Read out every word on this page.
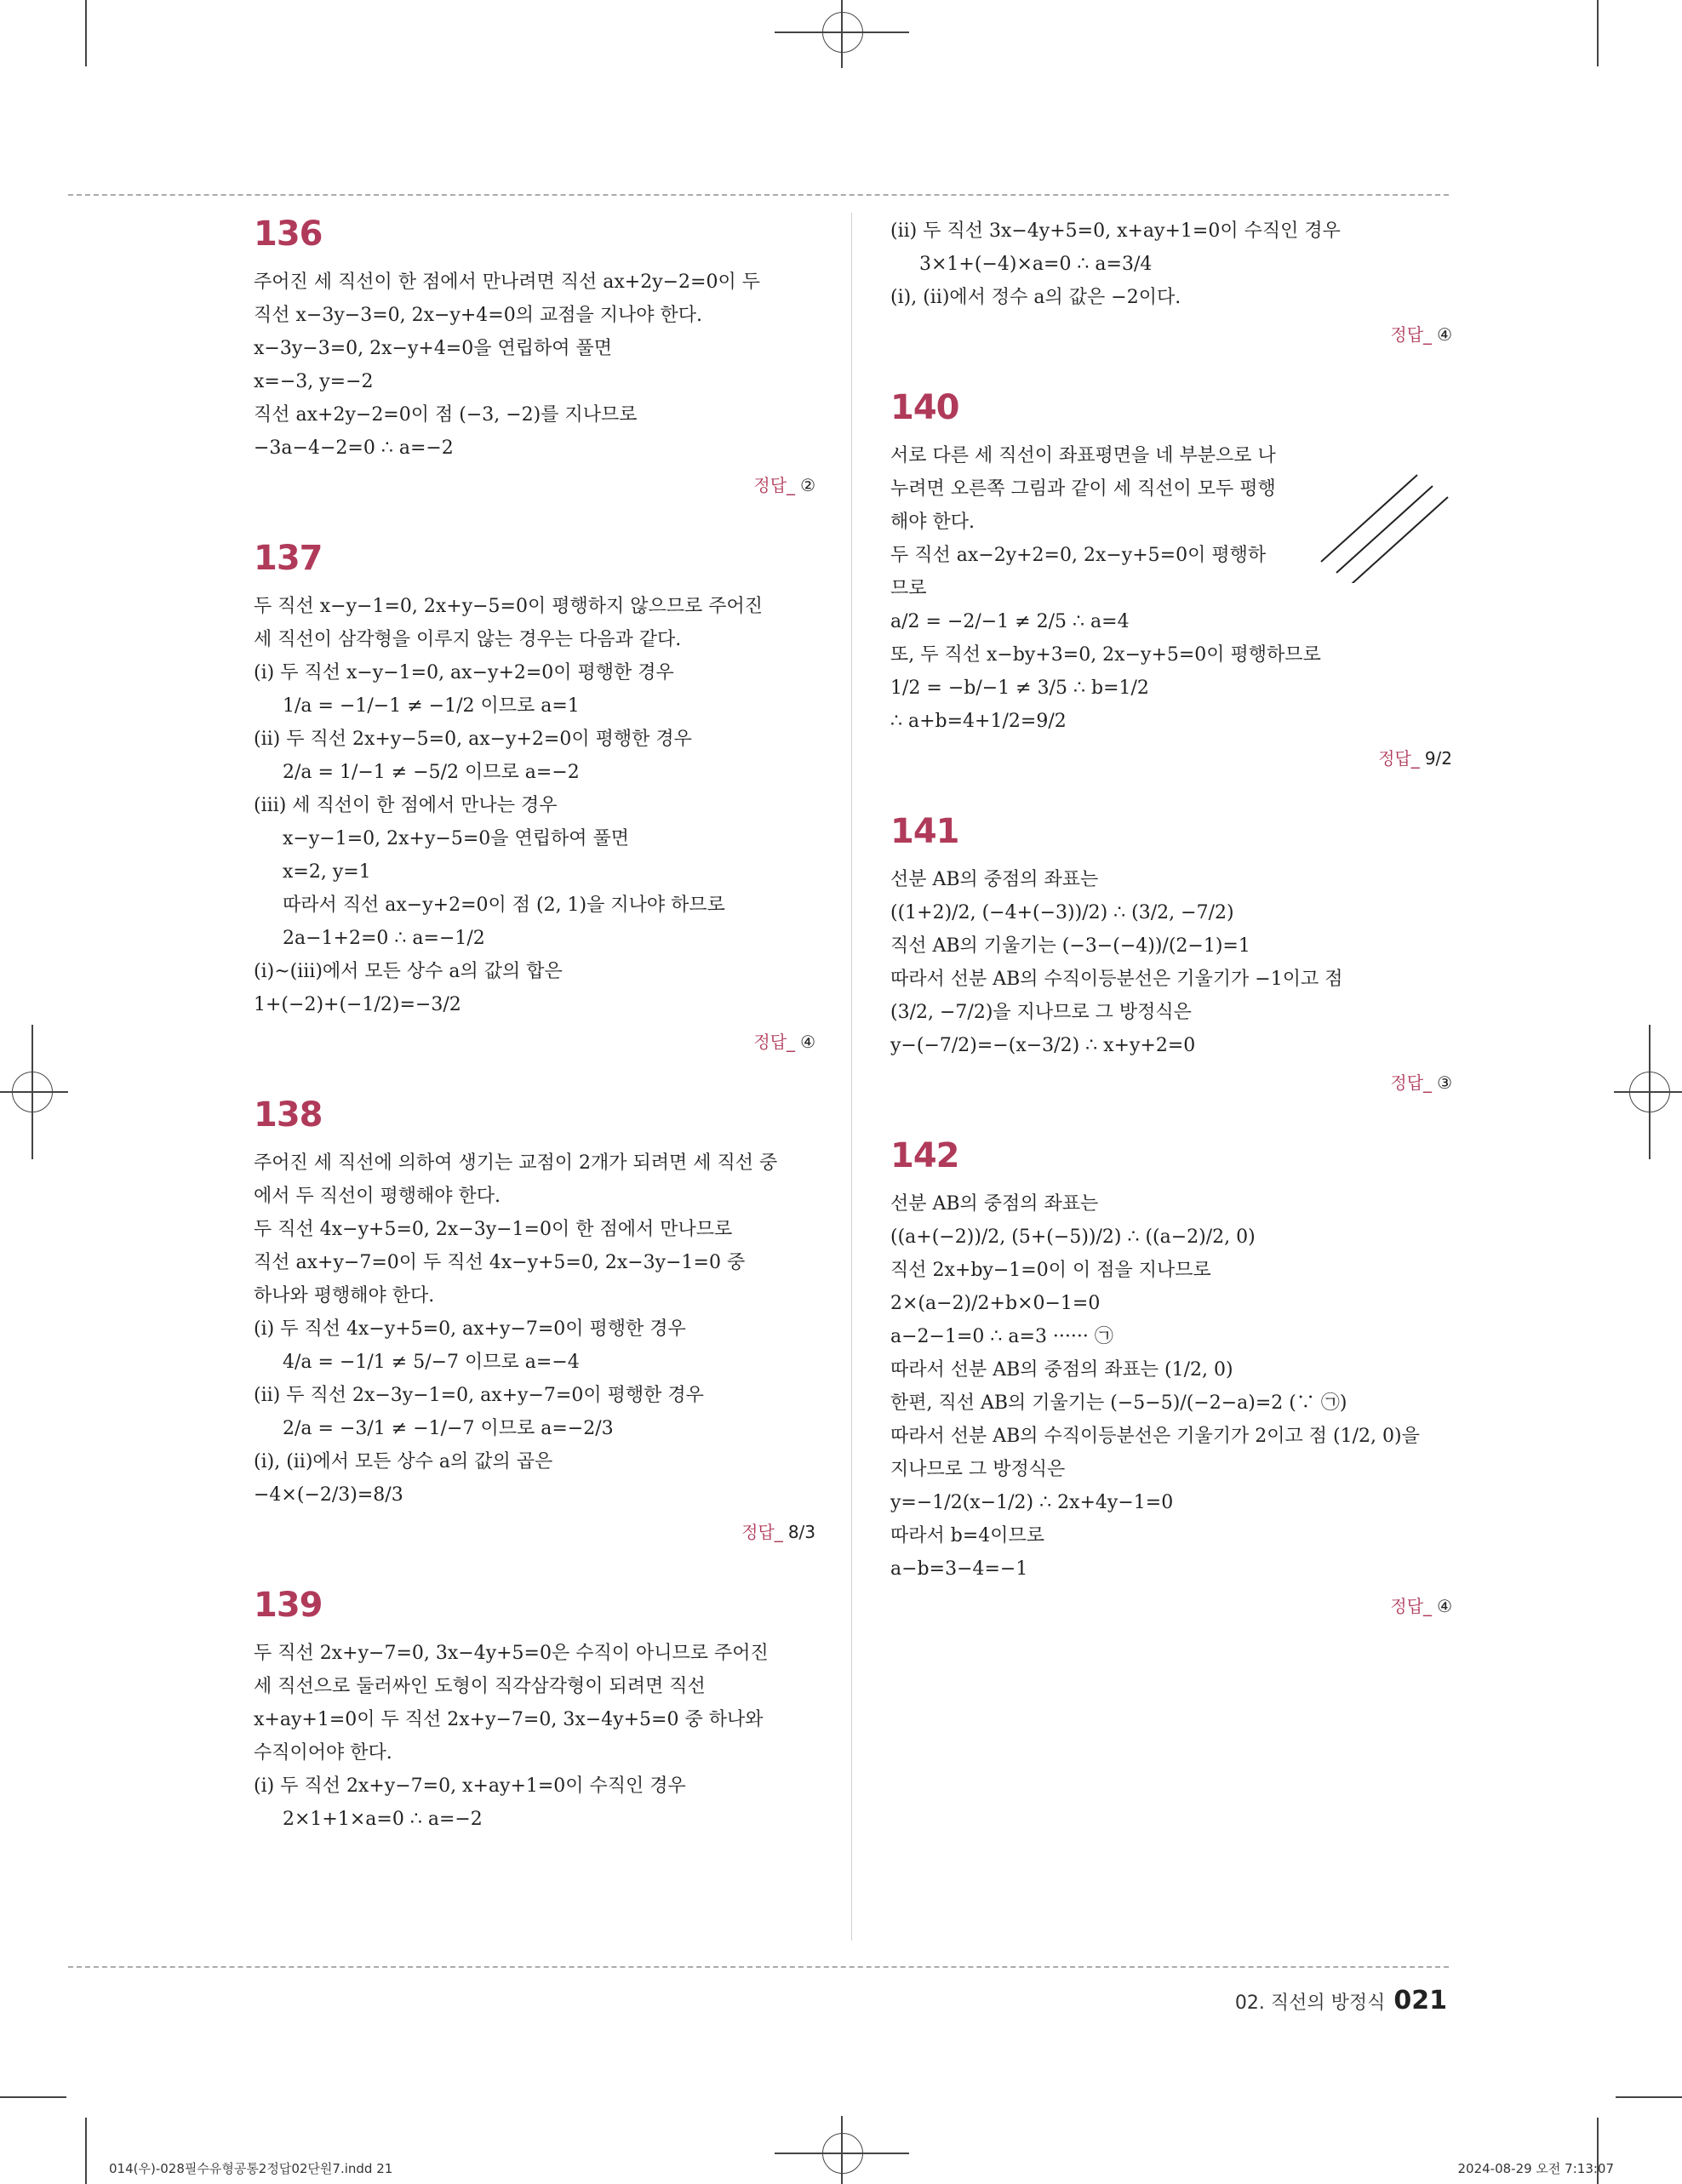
136
주어진 세 직선이 한 점에서 만나려면 직선 ax+2y−2=0이 두
직선 x−3y−3=0, 2x−y+4=0의 교점을 지나야 한다.
x−3y−3=0, 2x−y+4=0을 연립하여 풀면
x=−3, y=−2
직선 ax+2y−2=0이 점 (−3, −2)를 지나므로
−3a−4−2=0 ∴ a=−2
정답_ ②
137
두 직선 x−y−1=0, 2x+y−5=0이 평행하지 않으므로 주어진
세 직선이 삼각형을 이루지 않는 경우는 다음과 같다.
(ⅰ) 두 직선 x−y−1=0, ax−y+2=0이 평행한 경우
1/a = −1/−1 ≠ −1/2 이므로 a=1
(ⅱ) 두 직선 2x+y−5=0, ax−y+2=0이 평행한 경우
2/a = 1/−1 ≠ −5/2 이므로 a=−2
(ⅲ) 세 직선이 한 점에서 만나는 경우
x−y−1=0, 2x+y−5=0을 연립하여 풀면
x=2, y=1
따라서 직선 ax−y+2=0이 점 (2, 1)을 지나야 하므로
2a−1+2=0 ∴ a=−1/2
(ⅰ)~(ⅲ)에서 모든 상수 a의 값의 합은
1+(−2)+(−1/2)=−3/2
정답_ ④
138
주어진 세 직선에 의하여 생기는 교점이 2개가 되려면 세 직선 중
에서 두 직선이 평행해야 한다.
두 직선 4x−y+5=0, 2x−3y−1=0이 한 점에서 만나므로
직선 ax+y−7=0이 두 직선 4x−y+5=0, 2x−3y−1=0 중
하나와 평행해야 한다.
(ⅰ) 두 직선 4x−y+5=0, ax+y−7=0이 평행한 경우
4/a = −1/1 ≠ 5/−7 이므로 a=−4
(ⅱ) 두 직선 2x−3y−1=0, ax+y−7=0이 평행한 경우
2/a = −3/1 ≠ −1/−7 이므로 a=−2/3
(ⅰ), (ⅱ)에서 모든 상수 a의 값의 곱은
−4×(−2/3)=8/3
정답_ 8/3
139
두 직선 2x+y−7=0, 3x−4y+5=0은 수직이 아니므로 주어진
세 직선으로 둘러싸인 도형이 직각삼각형이 되려면 직선
x+ay+1=0이 두 직선 2x+y−7=0, 3x−4y+5=0 중 하나와
수직이어야 한다.
(ⅰ) 두 직선 2x+y−7=0, x+ay+1=0이 수직인 경우
2×1+1×a=0 ∴ a=−2
(ⅱ) 두 직선 3x−4y+5=0, x+ay+1=0이 수직인 경우
3×1+(−4)×a=0 ∴ a=3/4
(ⅰ), (ⅱ)에서 정수 a의 값은 −2이다.
정답_ ④
140
서로 다른 세 직선이 좌표평면을 네 부분으로 나
누려면 오른쪽 그림과 같이 세 직선이 모두 평행
해야 한다.
두 직선 ax−2y+2=0, 2x−y+5=0이 평행하
므로
a/2 = −2/−1 ≠ 2/5 ∴ a=4
또, 두 직선 x−by+3=0, 2x−y+5=0이 평행하므로
1/2 = −b/−1 ≠ 3/5 ∴ b=1/2
∴ a+b=4+1/2=9/2
정답_ 9/2
141
선분 AB의 중점의 좌표는
((1+2)/2, (−4+(−3))/2) ∴ (3/2, −7/2)
직선 AB의 기울기는 (−3−(−4))/(2−1)=1
따라서 선분 AB의 수직이등분선은 기울기가 −1이고 점
(3/2, −7/2)을 지나므로 그 방정식은
y−(−7/2)=−(x−3/2) ∴ x+y+2=0
정답_ ③
142
선분 AB의 중점의 좌표는
((a+(−2))/2, (5+(−5))/2) ∴ ((a−2)/2, 0)
직선 2x+by−1=0이 이 점을 지나므로
2×(a−2)/2+b×0−1=0
a−2−1=0 ∴ a=3 ······ ㉠
따라서 선분 AB의 중점의 좌표는 (1/2, 0)
한편, 직선 AB의 기울기는 (−5−5)/(−2−a)=2 (∵ ㉠)
따라서 선분 AB의 수직이등분선은 기울기가 2이고 점 (1/2, 0)을
지나므로 그 방정식은
y=−1/2(x−1/2) ∴ 2x+4y−1=0
따라서 b=4이므로
a−b=3−4=−1
정답_ ④
02. 직선의 방정식 021
014(우)-028필수유형공통2정답02단원7.indd 21	2024-08-29 오전 7:13:07
